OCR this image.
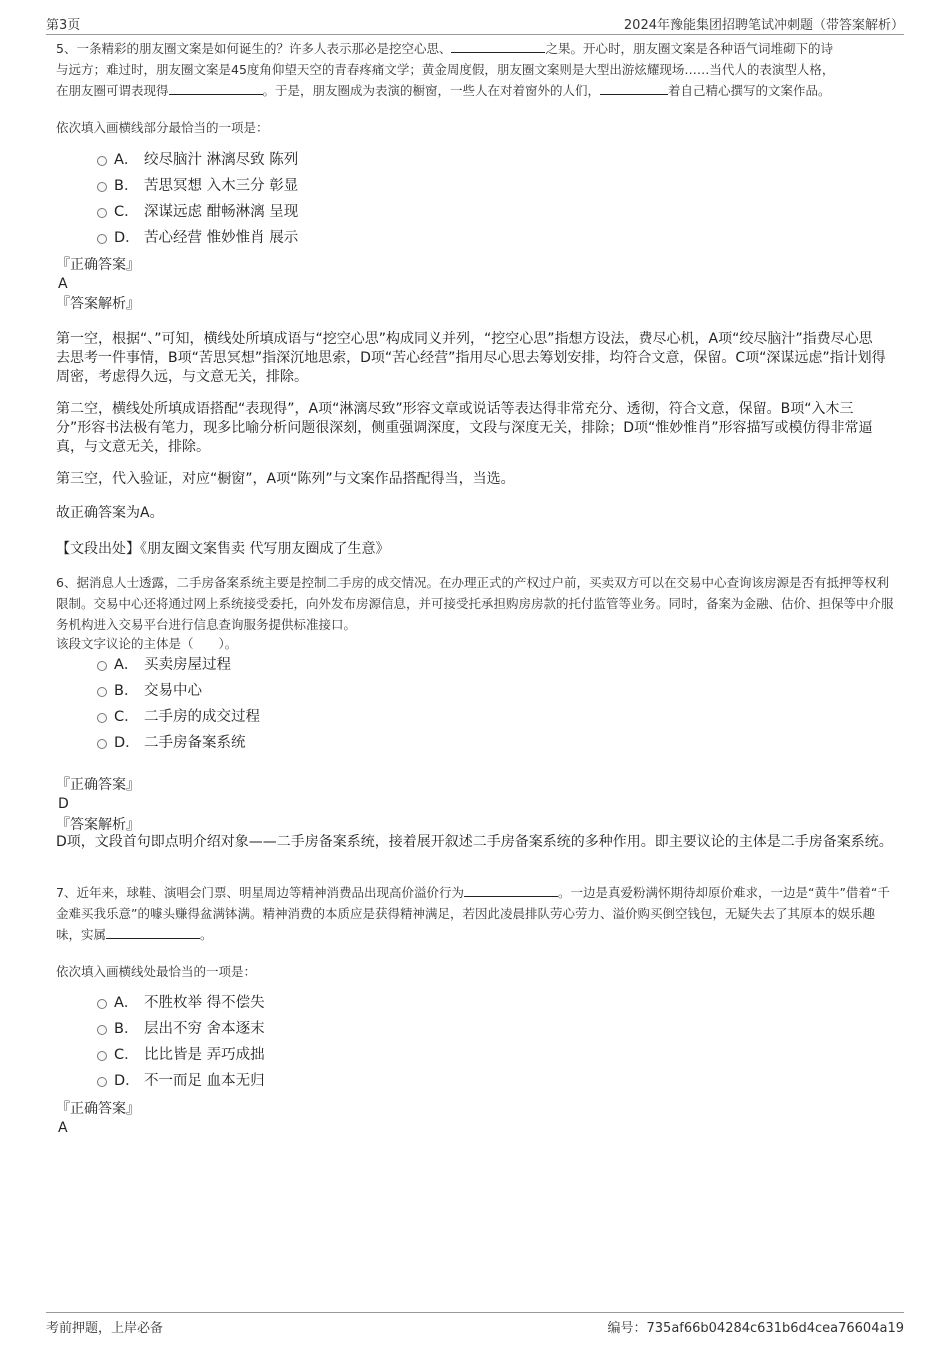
第3页	2024年豫能集团招聘笔试冲刺题（带答案解析）

5、一条精彩的朋友圈文案是如何诞生的？许多人表示那必是挖空心思、	之果。开心时，朋友圈文案是各种语气词堆砌下的诗
与远方；难过时，朋友圈文案是45度角仰望天空的青春疼痛文学；黄金周度假，朋友圈文案则是大型出游炫耀现场……当代人的表演型人格，
在朋友圈可谓表现得	。于是，朋友圈成为表演的橱窗，一些人在对着窗外的人们，	着自己精心撰写的文案作品。

依次填入画横线部分最恰当的一项是：

A． 绞尽脑汁 淋漓尽致 陈列
B． 苦思冥想 入木三分 彰显
C． 深谋远虑 酣畅淋漓 呈现
D． 苦心经营 惟妙惟肖 展示

『正确答案』

A

『答案解析』

第一空，根据“、”可知，横线处所填成语与“挖空心思”构成同义并列，“挖空心思”指想方设法，费尽心机，A项“绞尽脑汁”指费尽心思去思考一件事情，B项“苦思冥想”指深沉地思索，D项“苦心经营”指用尽心思去筹划安排，均符合文意，保留。C项“深谋远虑”指计划得周密，考虑得久远，与文意无关，排除。

第二空，横线处所填成语搭配“表现得”，A项“淋漓尽致”形容文章或说话等表达得非常充分、透彻，符合文意，保留。B项“入木三分”形容书法极有笔力，现多比喻分析问题很深刻，侧重强调深度，文段与深度无关，排除；D项“惟妙惟肖”形容描写或模仿得非常逼真，与文意无关，排除。

第三空，代入验证，对应“橱窗”，A项“陈列”与文案作品搭配得当，当选。

故正确答案为A。

【文段出处】《朋友圈文案售卖 代写朋友圈成了生意》

6、据消息人士透露，二手房备案系统主要是控制二手房的成交情况。在办理正式的产权过户前，买卖双方可以在交易中心查询该房源是否有抵押等权利限制。交易中心还将通过网上系统接受委托，向外发布房源信息，并可接受托承担购房房款的托付监管等业务。同时，备案为金融、估价、担保等中介服务机构进入交易平台进行信息查询服务提供标准接口。

该段文字议论的主体是（　　）。

A． 买卖房屋过程
B． 交易中心
C． 二手房的成交过程
D． 二手房备案系统

『正确答案』

D

『答案解析』

D项，文段首句即点明介绍对象——二手房备案系统，接着展开叙述二手房备案系统的多种作用。即主要议论的主体是二手房备案系统。

7、近年来，球鞋、演唱会门票、明星周边等精神消费品出现高价溢价行为	。一边是真爱粉满怀期待却原价难求，一边是“黄牛”借着“千金难买我乐意”的噱头赚得盆满钵满。精神消费的本质应是获得精神满足，若因此凌晨排队劳心劳力、溢价购买倒空钱包，无疑失去了其原本的娱乐趣味，实属	。

依次填入画横线处最恰当的一项是：

A． 不胜枚举 得不偿失
B． 层出不穷 舍本逐末
C． 比比皆是 弄巧成拙
D． 不一而足 血本无归

『正确答案』

A

考前押题，上岸必备	编号：735af66b04284c631b6d4cea76604a19
